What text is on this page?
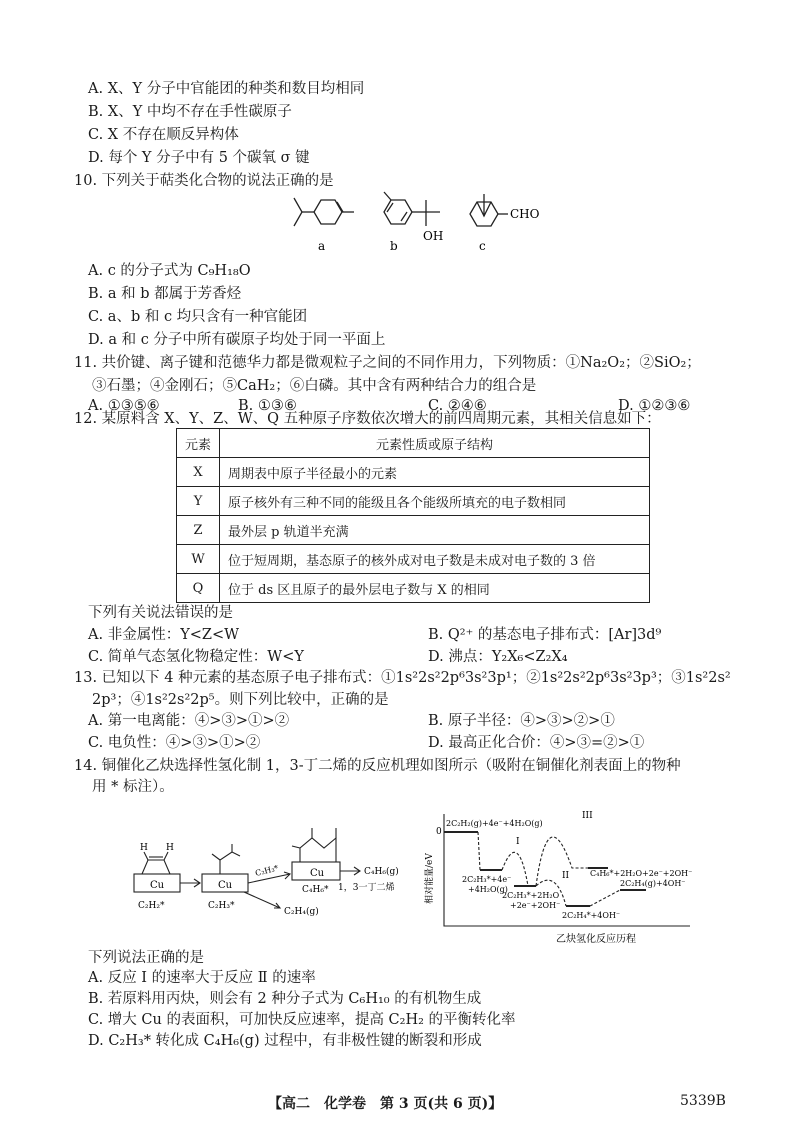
A. X、Y 分子中官能团的种类和数目均相同
B. X、Y 中均不存在手性碳原子
C. X 不存在顺反异构体
D. 每个 Y 分子中有 5 个碳氧 σ 键
10. 下列关于萜类化合物的说法正确的是
a	b
OH
c
CHO
A. c 的分子式为 C₉H₁₈O
B. a 和 b 都属于芳香烃
C. a、b 和 c 均只含有一种官能团
D. a 和 c 分子中所有碳原子均处于同一平面上
11. 共价键、离子键和范德华力都是微观粒子之间的不同作用力，下列物质：①Na₂O₂；②SiO₂；
③石墨；④金刚石；⑤CaH₂；⑥白磷。其中含有两种结合力的组合是
A. ①③⑤⑥	B. ①③⑥	C. ②④⑥	D. ①②③⑥
12. 某原料含 X、Y、Z、W、Q 五种原子序数依次增大的前四周期元素，其相关信息如下：
元素	元素性质或原子结构
X	周期表中原子半径最小的元素
Y	原子核外有三种不同的能级且各个能级所填充的电子数相同
Z	最外层 p 轨道半充满
W	位于短周期，基态原子的核外成对电子数是未成对电子数的 3 倍
Q	位于 ds 区且原子的最外层电子数与 X 的相同
下列有关说法错误的是
A. 非金属性：Y<Z<W	B. Q²⁺ 的基态电子排布式：[Ar]3d⁹
C. 简单气态氢化物稳定性：W<Y	D. 沸点：Y₂X₆<Z₂X₄
13. 已知以下 4 种元素的基态原子电子排布式：①1s²2s²2p⁶3s²3p¹；②1s²2s²2p⁶3s²3p³；③1s²2s²
2p³；④1s²2s²2p⁵。则下列比较中，正确的是
A. 第一电离能：④>③>①>②	B. 原子半径：④>③>②>①
C. 电负性：④>③>①>②	D. 最高正化合价：④>③=②>①
14. 铜催化乙炔选择性氢化制 1，3-丁二烯的反应机理如图所示（吸附在铜催化剂表面上的物种
用 * 标注）。
Cu	Cu
Cu
H H
C₂H₂*	C₂H₃*
C₂H₃*
C₄H₆*
C₄H₆(g)
1，3一丁二烯
C₂H₄(g)
0
相对能量/eV
乙炔氢化反应历程
2C₂H₂(g)+4e⁻+4H₂O(g)
2C₂H₃*+4e⁻
+4H₂O(g)
2C₂H₃*+2H₂O
+2e⁻+2OH⁻
C₄H₆*+2H₂O+2e⁻+2OH⁻
2C₂H₄(g)+4OH⁻
2C₂H₄*+4OH⁻
I
II
III
下列说法正确的是
A. 反应 Ⅰ 的速率大于反应 Ⅱ 的速率
B. 若原料用丙炔，则会有 2 种分子式为 C₆H₁₀ 的有机物生成
C. 增大 Cu 的表面积，可加快反应速率，提高 C₂H₂ 的平衡转化率
D. C₂H₃* 转化成 C₄H₆(g) 过程中，有非极性键的断裂和形成
【高二　化学卷　第 3 页(共 6 页)】	5339B
